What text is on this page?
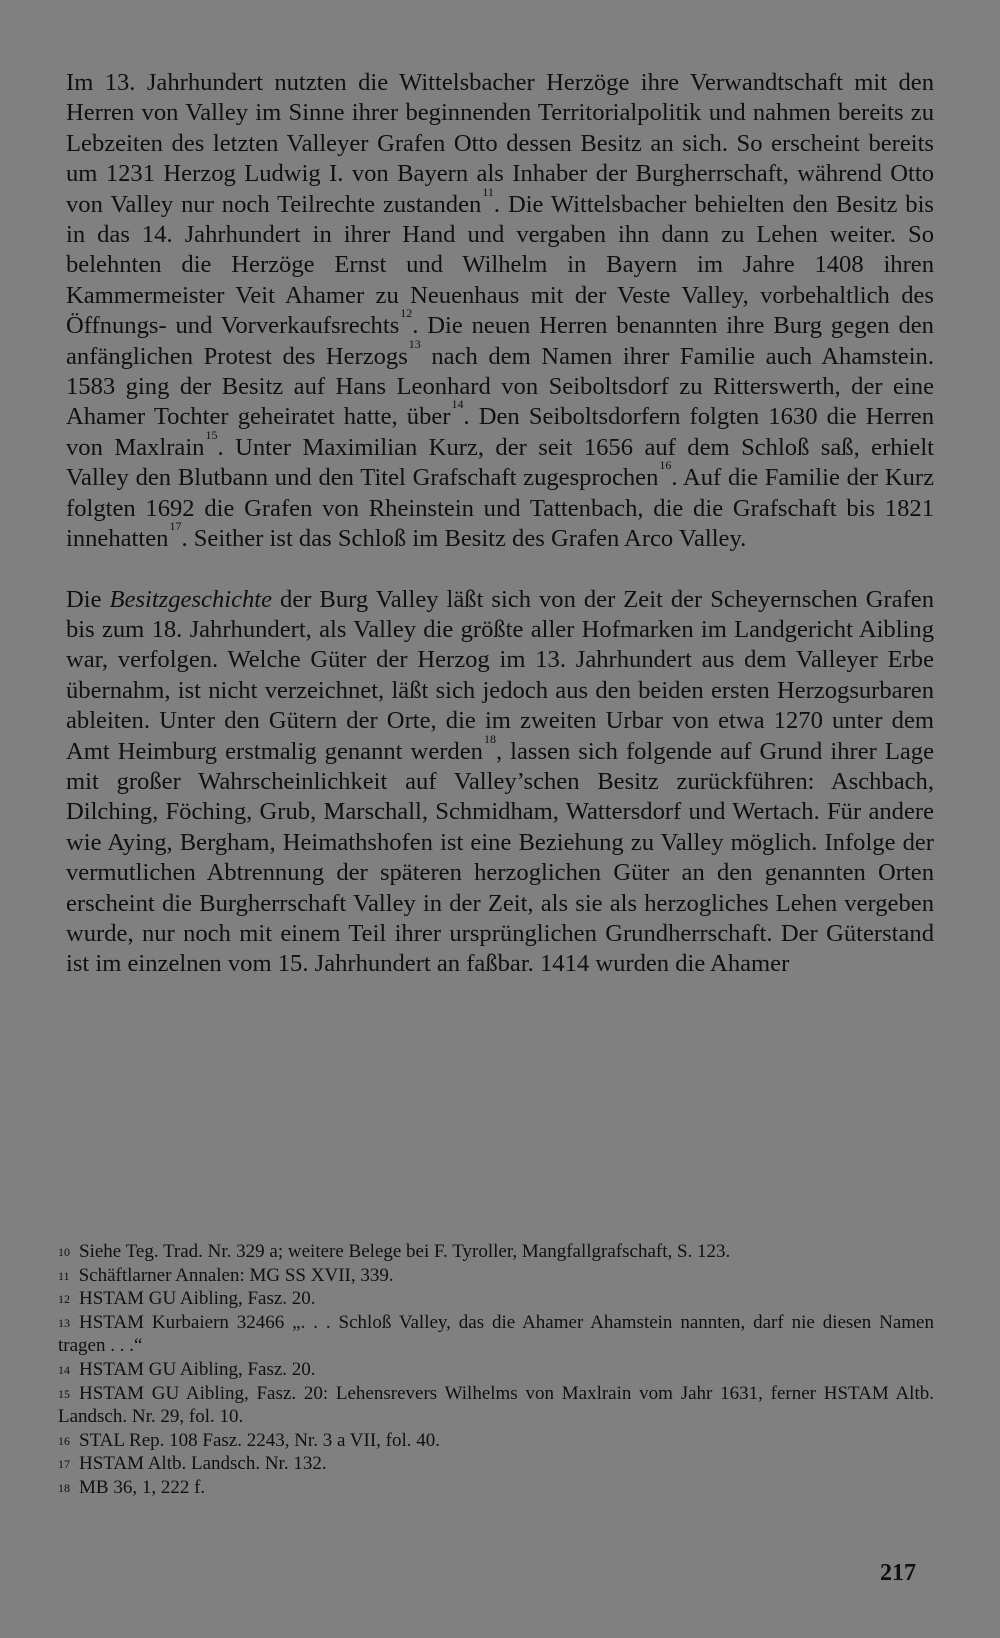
Im 13. Jahrhundert nutzten die Wittelsbacher Herzöge ihre Verwandtschaft mit den Herren von Valley im Sinne ihrer beginnenden Territorialpolitik und nahmen bereits zu Lebzeiten des letzten Valleyer Grafen Otto dessen Besitz an sich. So erscheint bereits um 1231 Herzog Ludwig I. von Bayern als Inhaber der Burgherrschaft, während Otto von Valley nur noch Teilrechte zustanden$^{11}$. Die Wittelsbacher behielten den Besitz bis in das 14. Jahrhundert in ihrer Hand und vergaben ihn dann zu Lehen weiter. So belehnten die Herzöge Ernst und Wilhelm in Bayern im Jahre 1408 ihren Kammermeister Veit Ahamer zu Neuenhaus mit der Veste Valley, vorbehaltlich des Öffnungs- und Vorverkaufsrechts$^{12}$. Die neuen Herren benannten ihre Burg gegen den anfänglichen Protest des Herzogs$^{13}$ nach dem Namen ihrer Familie auch Ahamstein. 1583 ging der Besitz auf Hans Leonhard von Seiboltsdorf zu Ritterswerth, der eine Ahamer Tochter geheiratet hatte, über$^{14}$. Den Seiboltsdorfern folgten 1630 die Herren von Maxlrain$^{15}$. Unter Maximilian Kurz, der seit 1656 auf dem Schloß saß, erhielt Valley den Blutbann und den Titel Grafschaft zugesprochen$^{16}$. Auf die Familie der Kurz folgten 1692 die Grafen von Rheinstein und Tattenbach, die die Grafschaft bis 1821 innehatten$^{17}$. Seither ist das Schloß im Besitz des Grafen Arco Valley.

Die Besitzgeschichte der Burg Valley läßt sich von der Zeit der Scheyernschen Grafen bis zum 18. Jahrhundert, als Valley die größte aller Hofmarken im Landgericht Aibling war, verfolgen. Welche Güter der Herzog im 13. Jahrhundert aus dem Valleyer Erbe übernahm, ist nicht verzeichnet, läßt sich jedoch aus den beiden ersten Herzogsurbaren ableiten. Unter den Gütern der Orte, die im zweiten Urbar von etwa 1270 unter dem Amt Heimburg erstmalig genannt werden$^{18}$, lassen sich folgende auf Grund ihrer Lage mit großer Wahrscheinlichkeit auf Valley’schen Besitz zurückführen: Aschbach, Dilching, Föching, Grub, Marschall, Schmidham, Wattersdorf und Wertach. Für andere wie Aying, Bergham, Heimathshofen ist eine Beziehung zu Valley möglich. Infolge der vermutlichen Abtrennung der späteren herzoglichen Güter an den genannten Orten erscheint die Burgherrschaft Valley in der Zeit, als sie als herzogliches Lehen vergeben wurde, nur noch mit einem Teil ihrer ursprünglichen Grundherrschaft. Der Güterstand ist im einzelnen vom 15. Jahrhundert an faßbar. 1414 wurden die Ahamer

$^{10}$ Siehe Teg. Trad. Nr. 329 a; weitere Belege bei F. Tyroller, Mangfallgrafschaft, S. 123.

$^{11}$ Schäftlarner Annalen: MG SS XVII, 339.

$^{12}$ HSTAM GU Aibling, Fasz. 20.

$^{13}$ HSTAM Kurbaiern 32466 „. . . Schloß Valley, das die Ahamer Ahamstein nannten, darf nie diesen Namen tragen . . .“

$^{14}$ HSTAM GU Aibling, Fasz. 20.

$^{15}$ HSTAM GU Aibling, Fasz. 20: Lehensrevers Wilhelms von Maxlrain vom Jahr 1631, ferner HSTAM Altb. Landsch. Nr. 29, fol. 10.

$^{16}$ STAL Rep. 108 Fasz. 2243, Nr. 3 a VII, fol. 40.

$^{17}$ HSTAM Altb. Landsch. Nr. 132.

$^{18}$ MB 36, 1, 222 f.

217
